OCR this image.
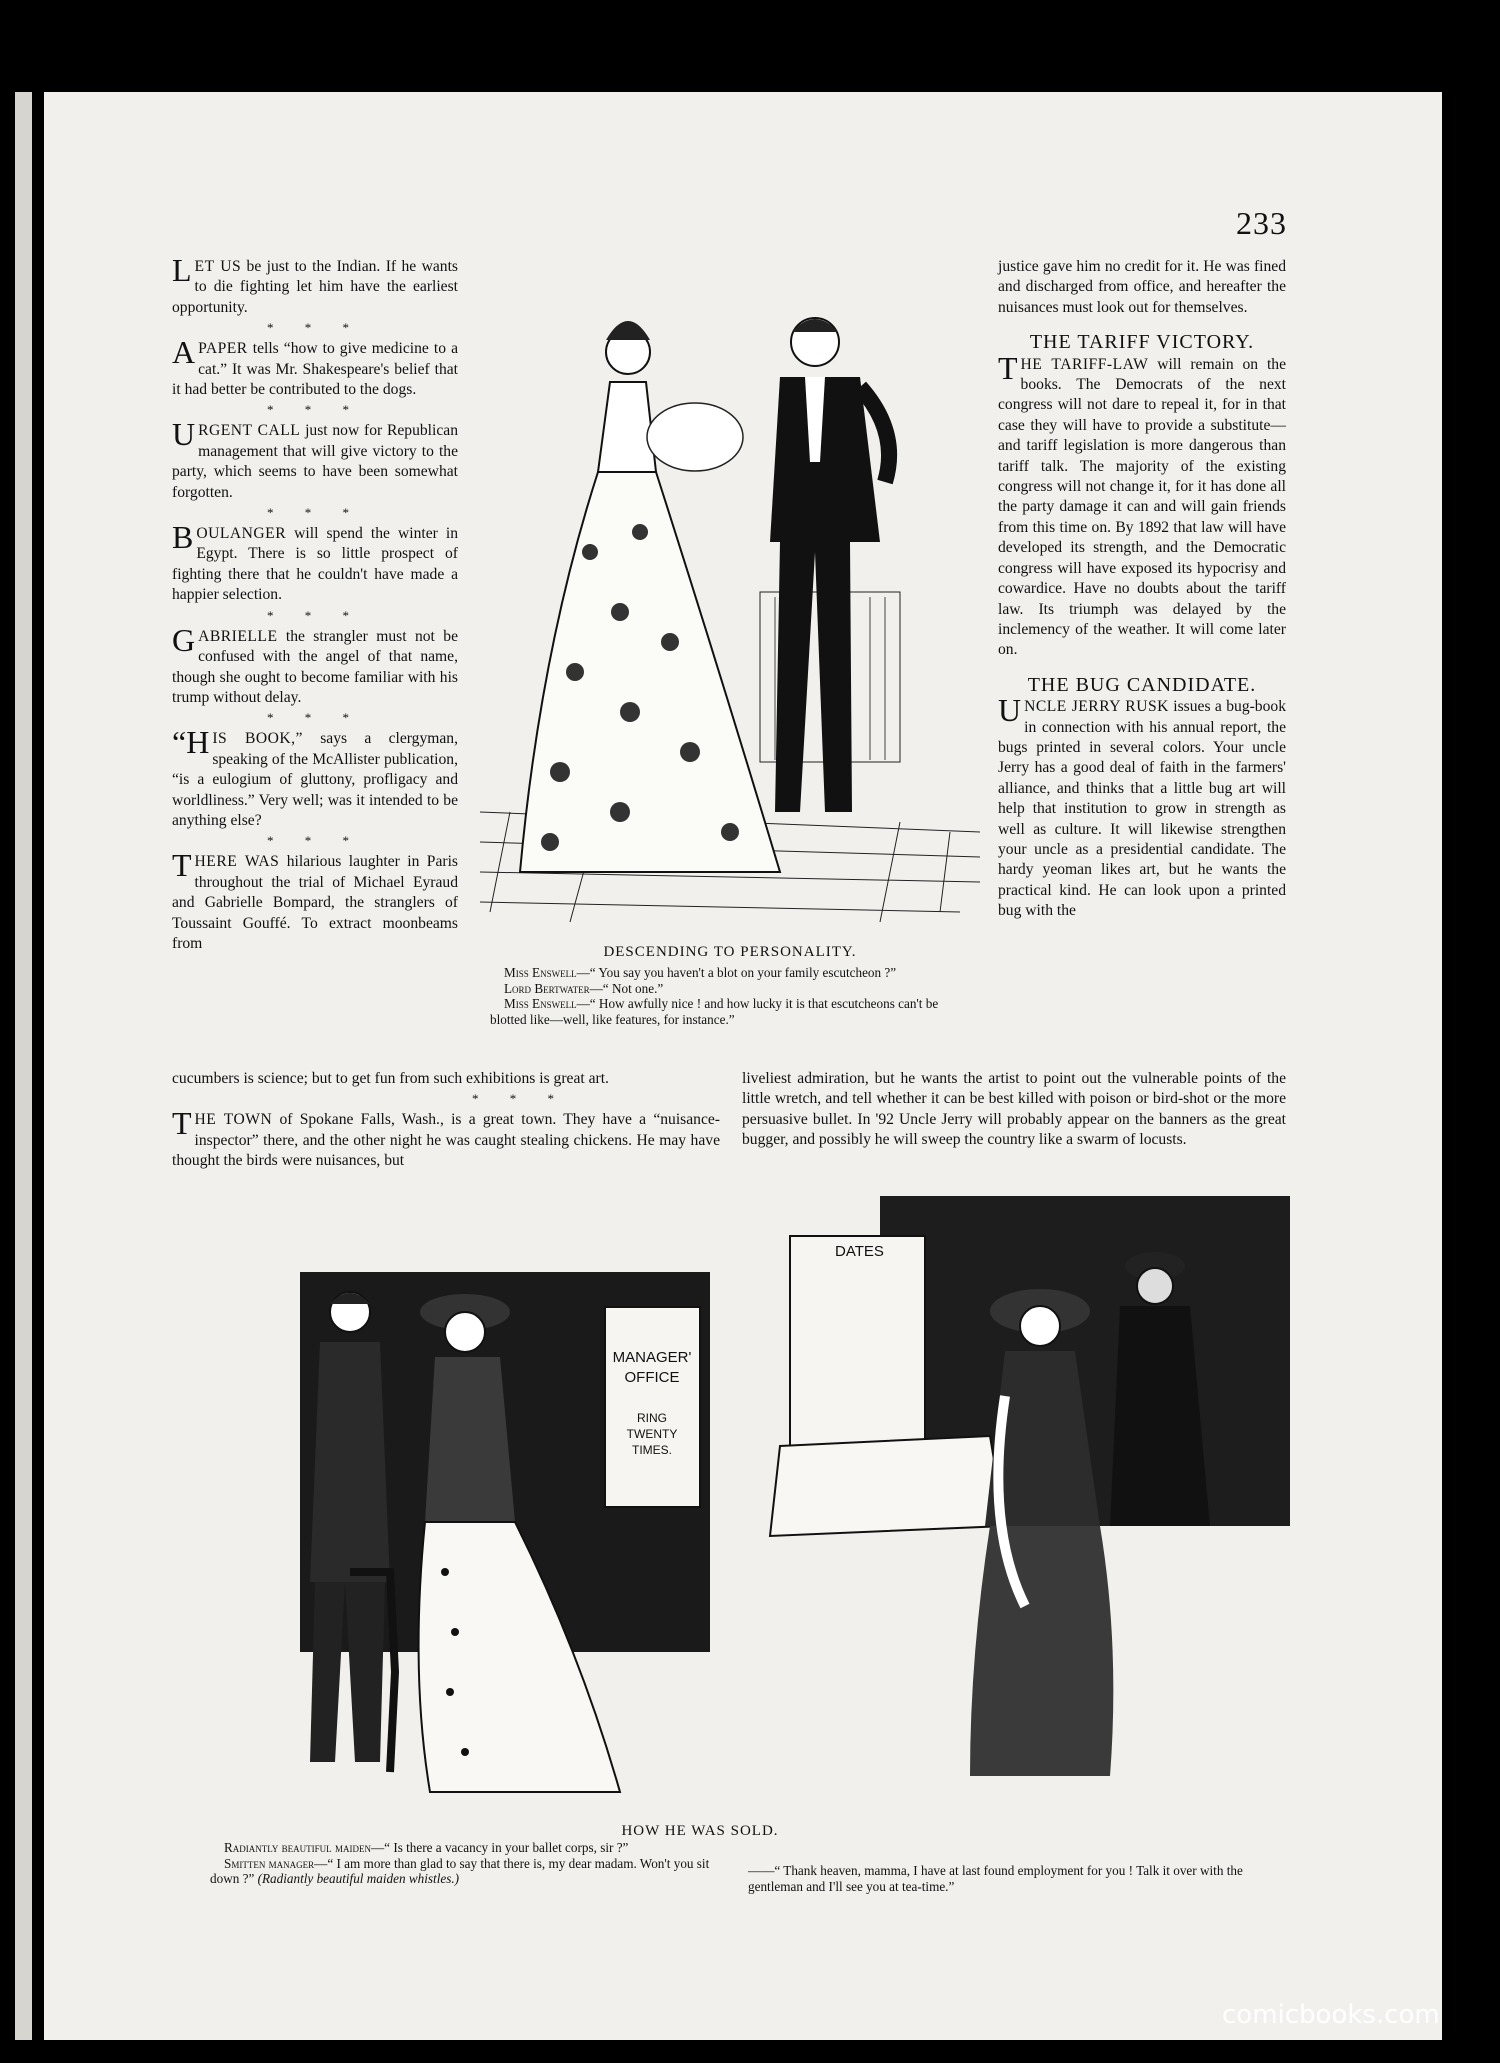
233

LET US be just to the Indian. If he wants to die fighting let him have the earliest opportunity.

* * *

A PAPER tells “how to give medicine to a cat.” It was Mr. Shakespeare's belief that it had better be contributed to the dogs.

* * *

URGENT CALL just now for Republican management that will give victory to the party, which seems to have been somewhat forgotten.

* * *

BOULANGER will spend the winter in Egypt. There is so little prospect of fighting there that he couldn't have made a happier selection.

* * *

GABRIELLE the strangler must not be confused with the angel of that name, though she ought to become familiar with his trump without delay.

* * *

“HIS BOOK,” says a clergyman, speaking of the McAllister publication, “is a eulogium of gluttony, profligacy and worldliness.” Very well; was it intended to be anything else?

* * *

THERE WAS hilarious laughter in Paris throughout the trial of Michael Eyraud and Gabrielle Bompard, the stranglers of Toussaint Gouffé. To extract moonbeams from

cucumbers is science; but to get fun from such exhibitions is great art.

* * *

THE TOWN of Spokane Falls, Wash., is a great town. They have a “nuisance-inspector” there, and the other night he was caught stealing chickens. He may have thought the birds were nuisances, but

justice gave him no credit for it. He was fined and discharged from office, and hereafter the nuisances must look out for themselves.

THE TARIFF VICTORY.

THE TARIFF-LAW will remain on the books. The Democrats of the next congress will not dare to repeal it, for in that case they will have to provide a substitute—and tariff legislation is more dangerous than tariff talk. The majority of the existing congress will not change it, for it has done all the party damage it can and will gain friends from this time on. By 1892 that law will have developed its strength, and the Democratic congress will have exposed its hypocrisy and cowardice. Have no doubts about the tariff law. Its triumph was delayed by the inclemency of the weather. It will come later on.

THE BUG CANDIDATE.

UNCLE JERRY RUSK issues a bug-book in connection with his annual report, the bugs printed in several colors. Your uncle Jerry has a good deal of faith in the farmers' alliance, and thinks that a little bug art will help that institution to grow in strength as well as culture. It will likewise strengthen your uncle as a presidential candidate. The hardy yeoman likes art, but he wants the practical kind. He can look upon a printed bug with the

liveliest admiration, but he wants the artist to point out the vulnerable points of the little wretch, and tell whether it can be best killed with poison or bird-shot or the more persuasive bullet. In '92 Uncle Jerry will probably appear on the banners as the great bugger, and possibly he will sweep the country like a swarm of locusts.

DESCENDING TO PERSONALITY.

Miss Enswell—“ You say you haven't a blot on your family escutcheon ?”

Lord Bertwater—“ Not one.”

Miss Enswell—“ How awfully nice ! and how lucky it is that escutcheons can't be blotted like—well, like features, for instance.”

MANAGER'
OFFICE
RING
TWENTY
TIMES.
DATES
HOW HE WAS SOLD.

Radiantly beautiful maiden—“ Is there a vacancy in your ballet corps, sir ?”

Smitten manager—“ I am more than glad to say that there is, my dear madam. Won't you sit down ?” (Radiantly beautiful maiden whistles.)

——“ Thank heaven, mamma, I have at last found employment for you ! Talk it over with the gentleman and I'll see you at tea-time.”

comicbooks.com
